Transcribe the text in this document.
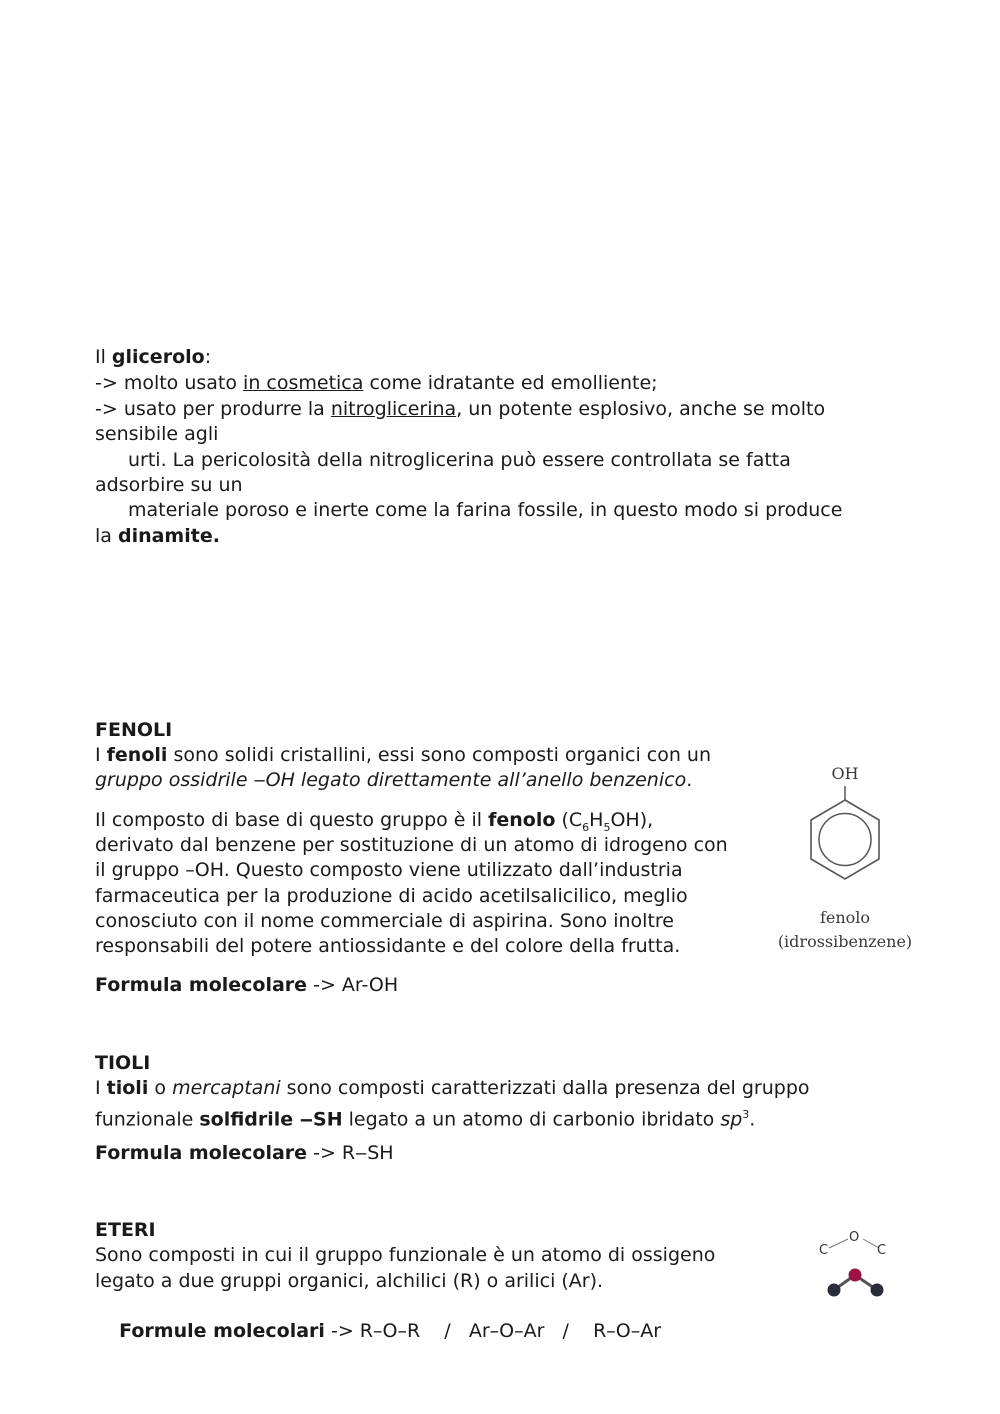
Il glicerolo:
-> molto usato in cosmetica come idratante ed emolliente;
-> usato per produrre la nitroglicerina, un potente esplosivo, anche se molto
sensibile agli
urti. La pericolosità della nitroglicerina può essere controllata se fatta
adsorbire su un
materiale poroso e inerte come la farina fossile, in questo modo si produce
la dinamite.
FENOLI
I fenoli sono solidi cristallini, essi sono composti organici con un
gruppo ossidrile ‒OH legato direttamente all’anello benzenico.
Il composto di base di questo gruppo è il fenolo $(C_6H_5OH)$,
derivato dal benzene per sostituzione di un atomo di idrogeno con
il gruppo –OH. Questo composto viene utilizzato dall’industria
farmaceutica per la produzione di acido acetilsalicilico, meglio
conosciuto con il nome commerciale di aspirina. Sono inoltre
responsabili del potere antiossidante e del colore della frutta.
Formula molecolare -> Ar-OH
OH
fenolo
(idrossibenzene)
TIOLI
I tioli o mercaptani sono composti caratterizzati dalla presenza del gruppo
funzionale solfidrile ‒SH legato a un atomo di carbonio ibridato $sp^3$.
Formula molecolare -> R‒SH
ETERI
Sono composti in cui il gruppo funzionale è un atomo di ossigeno
legato a due gruppi organici, alchilici (R) o arilici (Ar).

Formule molecolari -> R–O–R    /   Ar–O–Ar   /    R–O–Ar

C
O
C
